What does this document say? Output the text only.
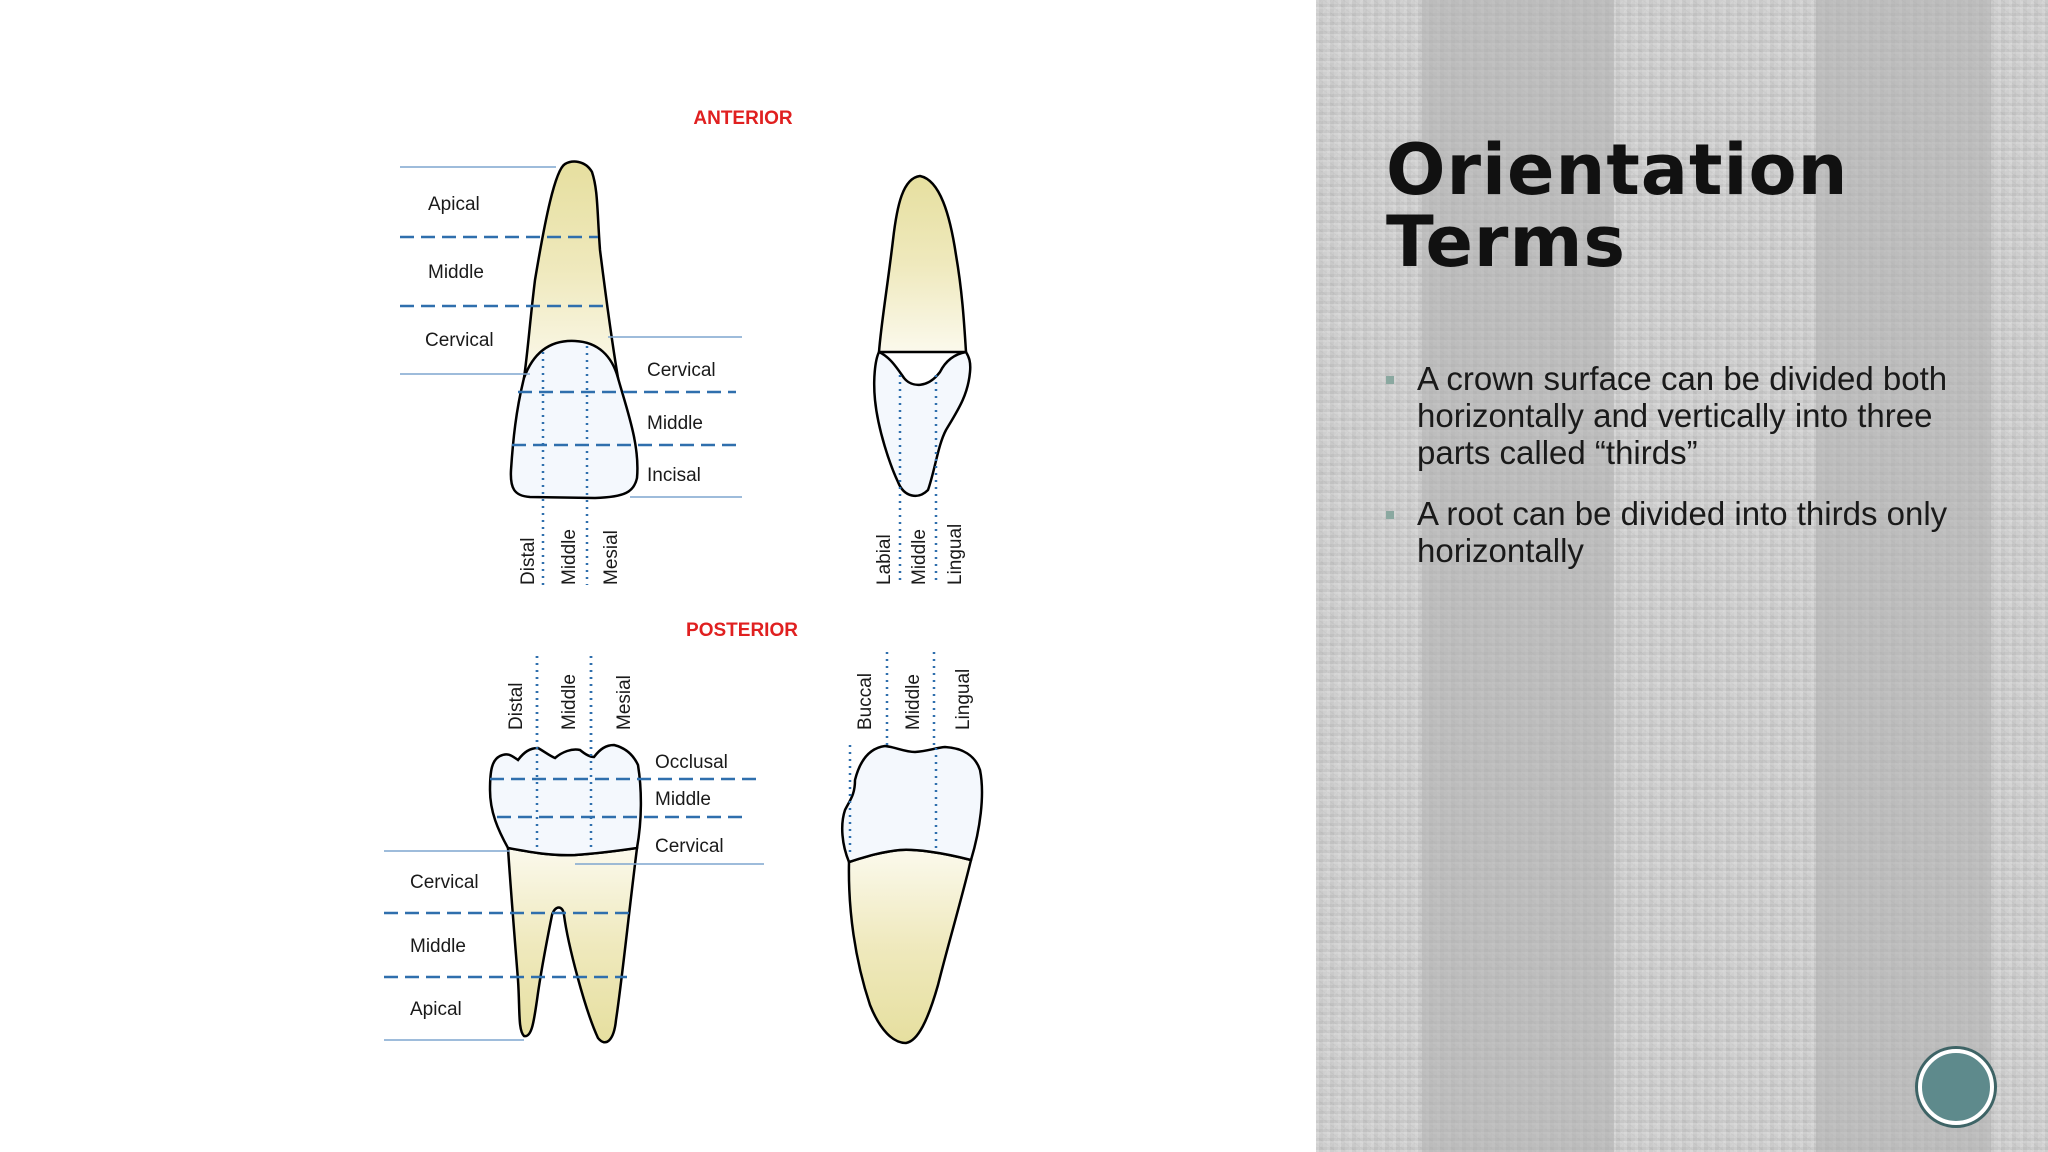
ANTERIOR
Apical
Middle
Cervical
Cervical
Middle
Incisal
Distal Middle Mesial	Labial Middle Lingual
POSTERIOR
Distal Middle Mesial
Occlusal
Middle
Cervical
Cervical
Middle
Apical
Buccal Middle Lingual
Orientation
Terms
A crown surface can be divided both horizontally and vertically into three parts called “thirds”
A root can be divided into thirds only horizontally
